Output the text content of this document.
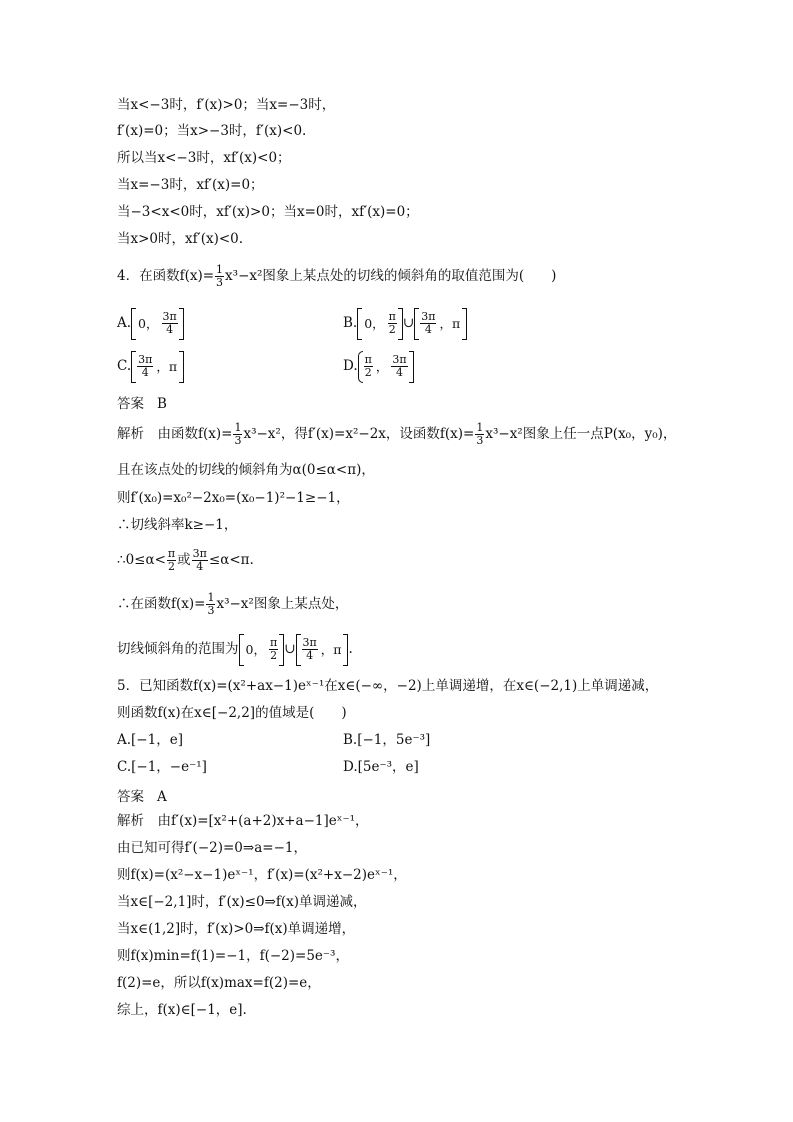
当x<−3时，f′(x)>0；当x=−3时，
f′(x)=0；当x>−3时，f′(x)<0.
所以当x<−3时，xf′(x)<0；
当x=−3时，xf′(x)=0；
当−3<x<0时，xf′(x)>0；当x=0时，xf′(x)=0；
当x>0时，xf′(x)<0.
4．在函数$f(x)= \frac{1}{3} x^3-x^2$图象上某点处的切线的倾斜角的取值范围为(　　)
A. 0， $\frac{3\pi}{4}$	B. 0， $\frac{\pi}{2}$ ∪ $\frac{3\pi}{4}$ ，π
C. $\frac{3\pi}{4}$ ，π	D. $\frac{\pi}{2}$ ， $\frac{3\pi}{4}$
答案 B
解析　由函数$f(x)= \frac{1}{3} x^3-x^2$，得f′(x)=x²−2x，设函数$f(x)= \frac{1}{3} x^3-x^2$图象上任一点P(x₀，y₀)，
且在该点处的切线的倾斜角为α(0≤α<π)，
则f′(x₀)=x₀²−2x₀=(x₀−1)²−1≥−1，
∴切线斜率k≥−1，
∴0≤α< $\frac{\pi}{2}$ 或 $\frac{3\pi}{4} \le\alpha<\pi$.
∴在函数$f(x)= \frac{1}{3} x^3-x^2$图象上某点处，
切线倾斜角的范围为 0， $\frac{\pi}{2}$ ∪ $\frac{3\pi}{4}$ ，π .
5．已知函数f(x)=(x²+ax−1)eˣ⁻¹在x∈(−∞，−2)上单调递增，在x∈(−2,1)上单调递减，
则函数f(x)在x∈[−2,2]的值域是(　　)
A.[−1，e]	B.[−1，5e⁻³]
C.[−1，−e⁻¹]	D.[5e⁻³，e]
答案 A
解析　由f′(x)=[x²+(a+2)x+a−1]eˣ⁻¹，
由已知可得f′(−2)=0⇒a=−1，
则f(x)=(x²−x−1)eˣ⁻¹，f′(x)=(x²+x−2)eˣ⁻¹，
当x∈[−2,1]时，f′(x)≤0⇒f(x)单调递减，
当x∈(1,2]时，f′(x)>0⇒f(x)单调递增，
则f(x)min=f(1)=−1，f(−2)=5e⁻³，
f(2)=e，所以f(x)max=f(2)=e，
综上，f(x)∈[−1，e].
